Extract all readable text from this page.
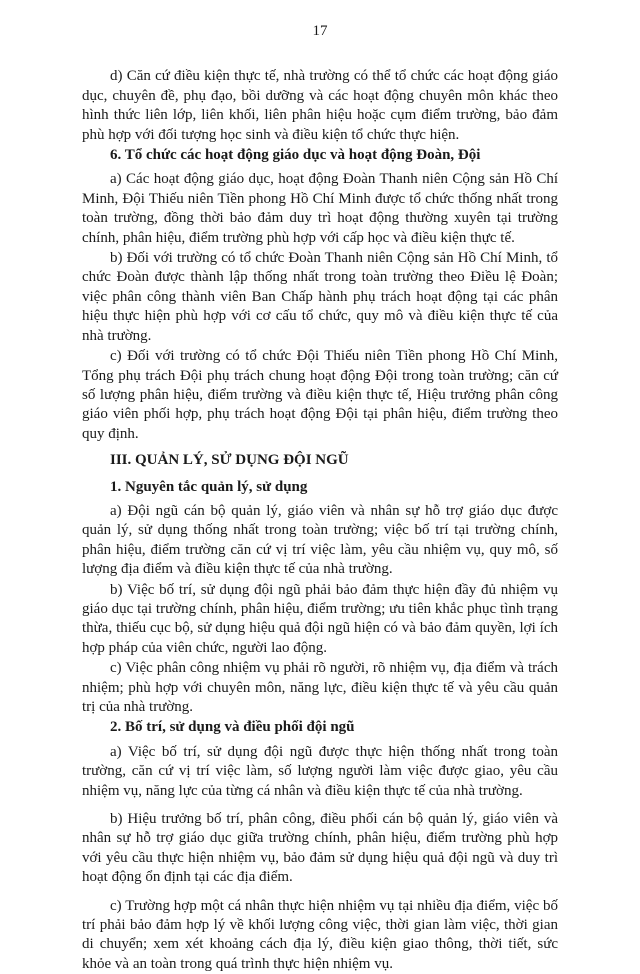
17

d) Căn cứ điều kiện thực tế, nhà trường có thể tổ chức các hoạt động giáo dục, chuyên đề, phụ đạo, bồi dưỡng và các hoạt động chuyên môn khác theo hình thức liên lớp, liên khối, liên phân hiệu hoặc cụm điểm trường, bảo đảm phù hợp với đối tượng học sinh và điều kiện tổ chức thực hiện.

6. Tổ chức các hoạt động giáo dục và hoạt động Đoàn, Đội

a) Các hoạt động giáo dục, hoạt động Đoàn Thanh niên Cộng sản Hồ Chí Minh, Đội Thiếu niên Tiền phong Hồ Chí Minh được tổ chức thống nhất trong toàn trường, đồng thời bảo đảm duy trì hoạt động thường xuyên tại trường chính, phân hiệu, điểm trường phù hợp với cấp học và điều kiện thực tế.

b) Đối với trường có tổ chức Đoàn Thanh niên Cộng sản Hồ Chí Minh, tổ chức Đoàn được thành lập thống nhất trong toàn trường theo Điều lệ Đoàn; việc phân công thành viên Ban Chấp hành phụ trách hoạt động tại các phân hiệu thực hiện phù hợp với cơ cấu tổ chức, quy mô và điều kiện thực tế của nhà trường.

c) Đối với trường có tổ chức Đội Thiếu niên Tiền phong Hồ Chí Minh, Tổng phụ trách Đội phụ trách chung hoạt động Đội trong toàn trường; căn cứ số lượng phân hiệu, điểm trường và điều kiện thực tế, Hiệu trưởng phân công giáo viên phối hợp, phụ trách hoạt động Đội tại phân hiệu, điểm trường theo quy định.

III. QUẢN LÝ, SỬ DỤNG ĐỘI NGŨ

1. Nguyên tắc quản lý, sử dụng

a) Đội ngũ cán bộ quản lý, giáo viên và nhân sự hỗ trợ giáo dục được quản lý, sử dụng thống nhất trong toàn trường; việc bố trí tại trường chính, phân hiệu, điểm trường căn cứ vị trí việc làm, yêu cầu nhiệm vụ, quy mô, số lượng địa điểm và điều kiện thực tế của nhà trường.

b) Việc bố trí, sử dụng đội ngũ phải bảo đảm thực hiện đầy đủ nhiệm vụ giáo dục tại trường chính, phân hiệu, điểm trường; ưu tiên khắc phục tình trạng thừa, thiếu cục bộ, sử dụng hiệu quả đội ngũ hiện có và bảo đảm quyền, lợi ích hợp pháp của viên chức, người lao động.

c) Việc phân công nhiệm vụ phải rõ người, rõ nhiệm vụ, địa điểm và trách nhiệm; phù hợp với chuyên môn, năng lực, điều kiện thực tế và yêu cầu quản trị của nhà trường.

2. Bố trí, sử dụng và điều phối đội ngũ

a) Việc bố trí, sử dụng đội ngũ được thực hiện thống nhất trong toàn trường, căn cứ vị trí việc làm, số lượng người làm việc được giao, yêu cầu nhiệm vụ, năng lực của từng cá nhân và điều kiện thực tế của nhà trường.

b) Hiệu trưởng bố trí, phân công, điều phối cán bộ quản lý, giáo viên và nhân sự hỗ trợ giáo dục giữa trường chính, phân hiệu, điểm trường phù hợp với yêu cầu thực hiện nhiệm vụ, bảo đảm sử dụng hiệu quả đội ngũ và duy trì hoạt động ổn định tại các địa điểm.

c) Trường hợp một cá nhân thực hiện nhiệm vụ tại nhiều địa điểm, việc bố trí phải bảo đảm hợp lý về khối lượng công việc, thời gian làm việc, thời gian di chuyển; xem xét khoảng cách địa lý, điều kiện giao thông, thời tiết, sức khỏe và an toàn trong quá trình thực hiện nhiệm vụ.
